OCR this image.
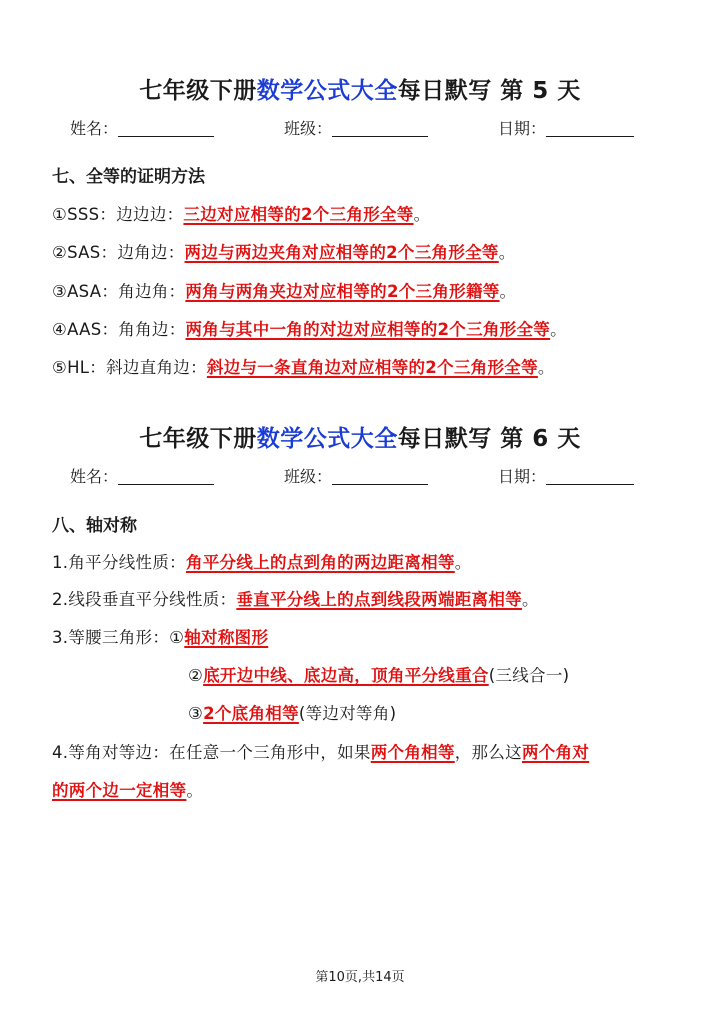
七年级下册数学公式大全每日默写 第 5 天
姓名：	班级：	日期：
七、全等的证明方法
①SSS：边边边：三边对应相等的2个三角形全等。
②SAS：边角边：两边与两边夹角对应相等的2个三角形全等。
③ASA：角边角：两角与两角夹边对应相等的2个三角形籍等。
④AAS：角角边：两角与其中一角的对边对应相等的2个三角形全等。
⑤HL：斜边直角边：斜边与一条直角边对应相等的2个三角形全等。
七年级下册数学公式大全每日默写 第 6 天
姓名：	班级：	日期：
八、轴对称
1.角平分线性质：角平分线上的点到角的两边距离相等。
2.线段垂直平分线性质：垂直平分线上的点到线段两端距离相等。
3.等腰三角形：①轴对称图形
②底开边中线、底边高，顶角平分线重合(三线合一)
③2个底角相等(等边对等角)
4.等角对等边：在任意一个三角形中，如果两个角相等，那么这两个角对
的两个边一定相等。
第10页,共14页
